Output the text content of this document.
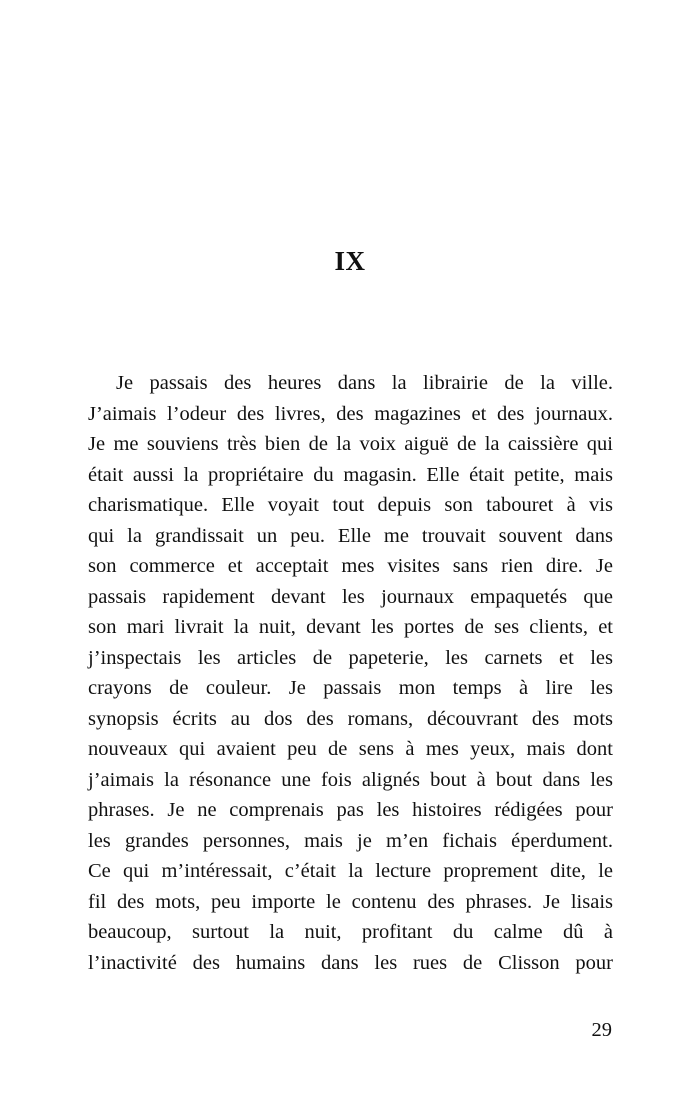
IX
Je passais des heures dans la librairie de la ville.
J’aimais l’odeur des livres, des magazines et des journaux.
Je me souviens très bien de la voix aiguë de la caissière qui
était aussi la propriétaire du magasin. Elle était petite, mais
charismatique. Elle voyait tout depuis son tabouret à vis
qui la grandissait un peu. Elle me trouvait souvent dans
son commerce et acceptait mes visites sans rien dire. Je
passais rapidement devant les journaux empaquetés que
son mari livrait la nuit, devant les portes de ses clients, et
j’inspectais les articles de papeterie, les carnets et les
crayons de couleur. Je passais mon temps à lire les
synopsis écrits au dos des romans, découvrant des mots
nouveaux qui avaient peu de sens à mes yeux, mais dont
j’aimais la résonance une fois alignés bout à bout dans les
phrases. Je ne comprenais pas les histoires rédigées pour
les grandes personnes, mais je m’en fichais éperdument.
Ce qui m’intéressait, c’était la lecture proprement dite, le
fil des mots, peu importe le contenu des phrases. Je lisais
beaucoup, surtout la nuit, profitant du calme dû à
l’inactivité des humains dans les rues de Clisson pour
29
